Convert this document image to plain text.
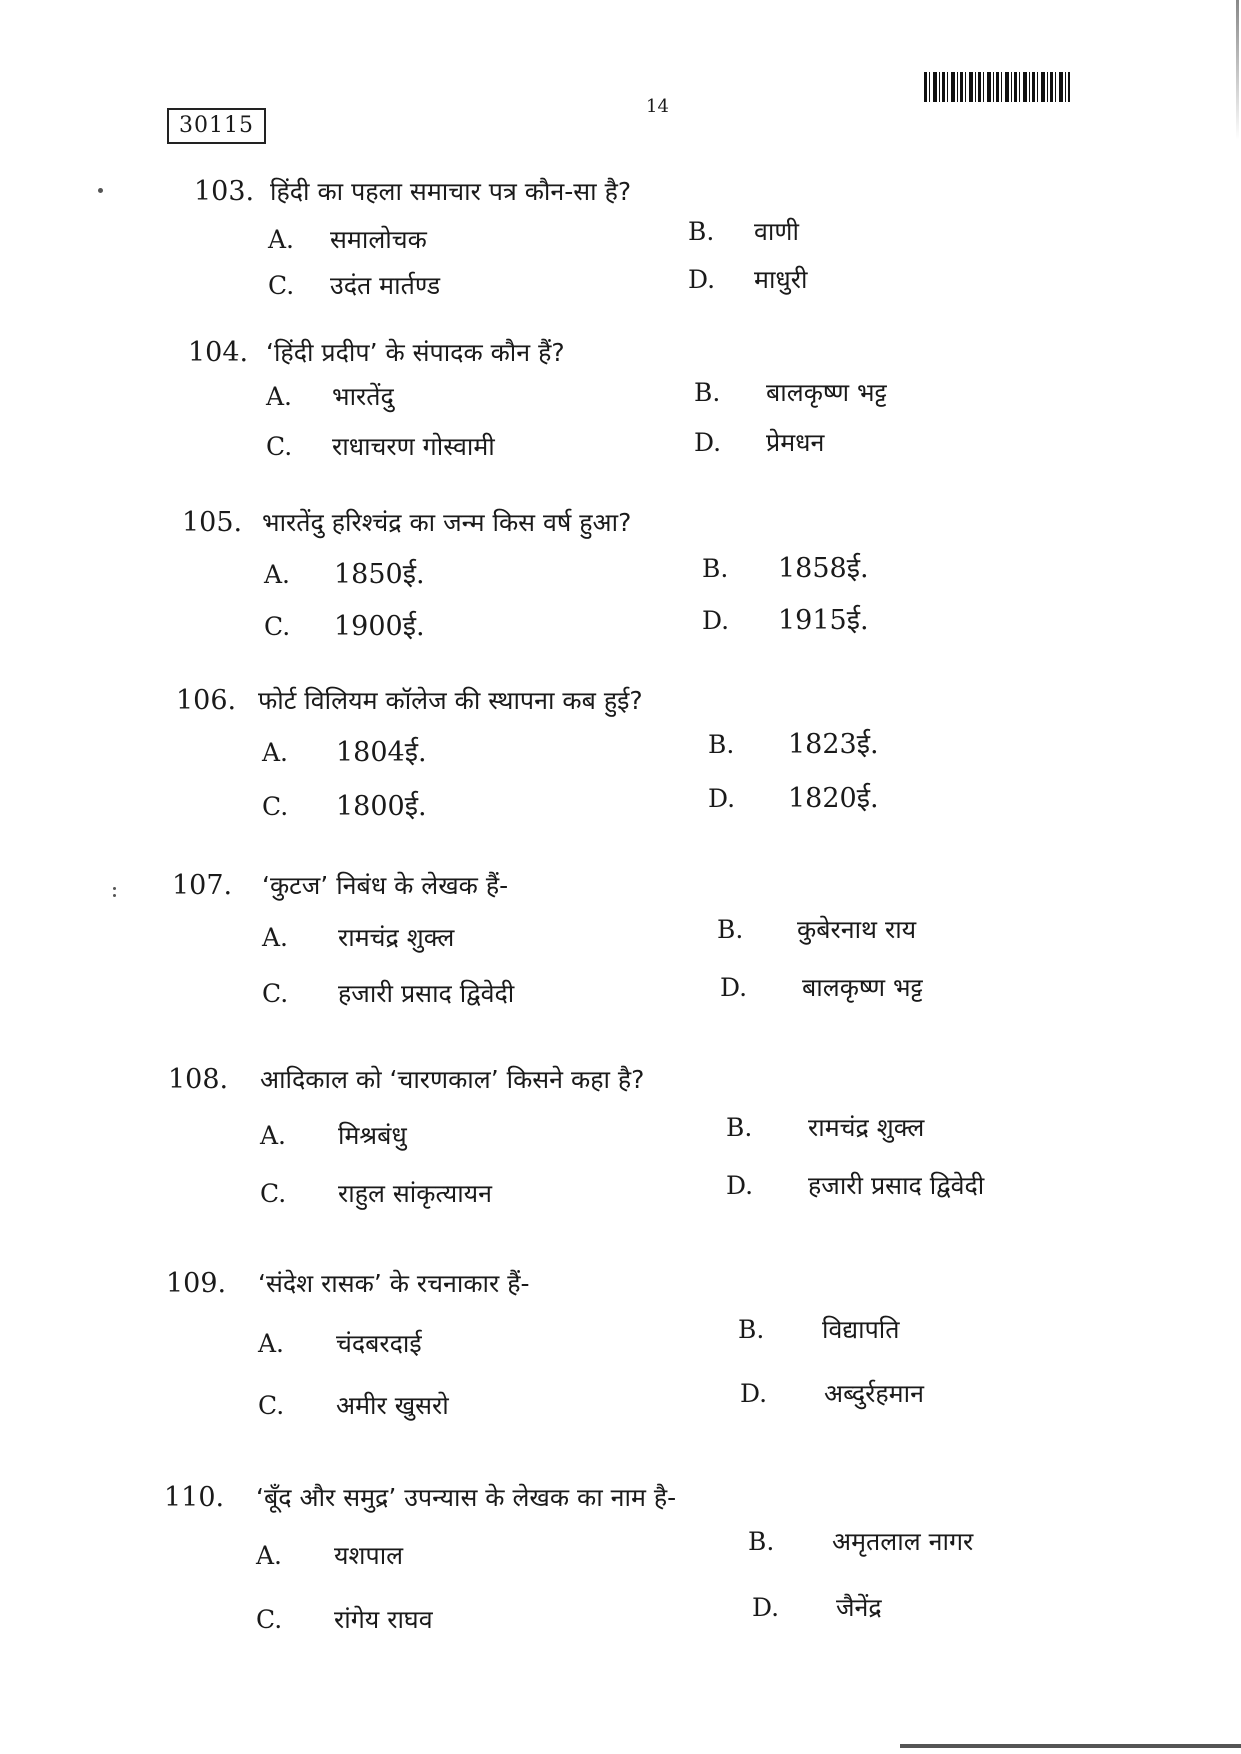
30115
14
103. हिंदी का पहला समाचार पत्र कौन-सा है?
A. समालोचक	B. वाणी
C. उदंत मार्तण्ड	D. माधुरी
104. ‘हिंदी प्रदीप’ के संपादक कौन हैं?
A. भारतेंदु	B. बालकृष्ण भट्ट
C. राधाचरण गोस्वामी	D. प्रेमधन
105. भारतेंदु हरिश्चंद्र का जन्म किस वर्ष हुआ?
A. 1850ई.	B. 1858ई.
C. 1900ई.	D. 1915ई.
106. फोर्ट विलियम कॉलेज की स्थापना कब हुई?
A. 1804ई.	B. 1823ई.
C. 1800ई.	D. 1820ई.
107. ‘कुटज’ निबंध के लेखक हैं-
A. रामचंद्र शुक्ल	B. कुबेरनाथ राय
C. हजारी प्रसाद द्विवेदी	D. बालकृष्ण भट्ट
108. आदिकाल को ‘चारणकाल’ किसने कहा है?
A. मिश्रबंधु	B. रामचंद्र शुक्ल
C. राहुल सांकृत्यायन	D. हजारी प्रसाद द्विवेदी
109. ‘संदेश रासक’ के रचनाकार हैं-
A. चंदबरदाई	B. विद्यापति
C. अमीर खुसरो	D. अब्दुर्रहमान
110. ‘बूँद और समुद्र’ उपन्यास के लेखक का नाम है-
A. यशपाल	B. अमृतलाल नागर
C. रांगेय राघव	D. जैनेंद्र
